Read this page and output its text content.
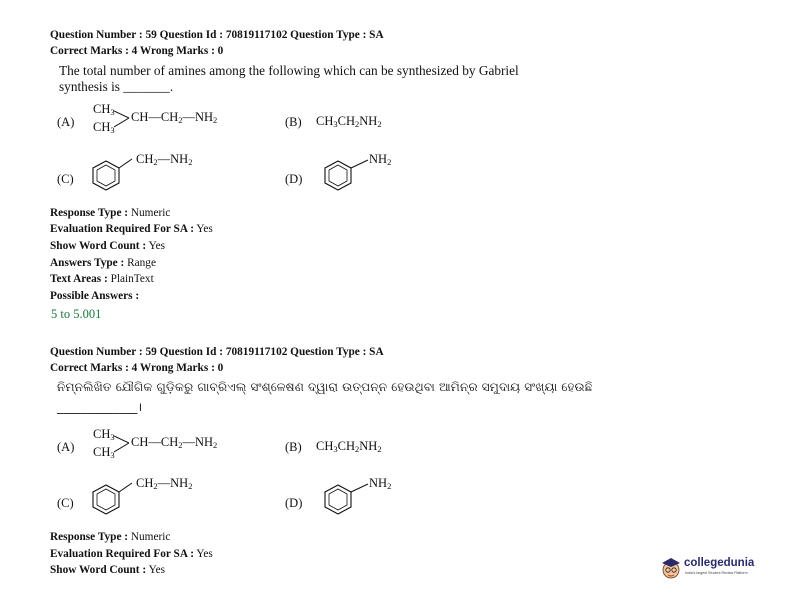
Question Number : 59 Question Id : 70819117102 Question Type : SA
Correct Marks : 4 Wrong Marks : 0
The total number of amines among the following which can be synthesized by Gabriel
synthesis is _______.
(A)
$CH_3$
$CH_3$
$CH—CH_2—NH_2$	(B) $CH_3CH_2NH_2$
(C)
$CH_2—NH_2$
(D)
$NH_2$
Response Type : Numeric
Evaluation Required For SA : Yes
Show Word Count : Yes
Answers Type : Range
Text Areas : PlainText
Possible Answers :
5 to 5.001
Question Number : 59 Question Id : 70819117102 Question Type : SA
Correct Marks : 4 Wrong Marks : 0
ନିମ୍ନଲିଖିତ ଯୌଗିକ ଗୁଡ଼ିକରୁ ଗାବ୍ରିଏଲ୍ ସଂଶ୍ଳେଷଣ ଦ୍ୱାରା ଉତ୍ପନ୍ନ ହେଉଥିବା ଆମିନ୍‌ର ସମୁଦାୟ ସଂଖ୍ୟା ହେଉଛି
_____________।
(A)
$CH_3$
$CH_3$
$CH—CH_2—NH_2$	(B) $CH_3CH_2NH_2$
(C)
$CH_2—NH_2$
(D)
$NH_2$
Response Type : Numeric
Evaluation Required For SA : Yes
Show Word Count : Yes
collegedunia
India's largest Student Review Platform
